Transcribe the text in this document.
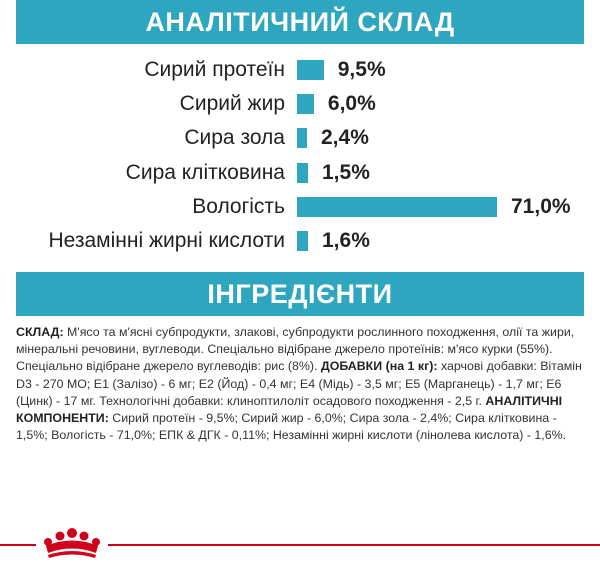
АНАЛІТИЧНИЙ СКЛАД
Сирий протеїн	9,5%
Сирий жир 6,0%
Сира зола 2,4%
Сира клітковина 1,5%
Вологість	71,0%
Незамінні жирні кислоти 1,6%
ІНГРЕДІЄНТИ
СКЛАД: М'ясо та м'ясні субпродукти, злакові, субпродукти рослинного походження, олії та жири, мінеральні речовини, вуглеводи. Спеціально відібране джерело протеїнів: м'ясо курки (55%). Спеціально відібране джерело вуглеводів: рис (8%). ДОБАВКИ (на 1 кг): харчові добавки: Вітамін D3 - 270 МО; E1 (Залізо) - 6 мг; E2 (Йод) - 0,4 мг; E4 (Мідь) - 3,5 мг; E5 (Марганець) - 1,7 мг; E6 (Цинк) - 17 мг. Технологічні добавки: клиноптилоліт осадового походження - 2,5 г. АНАЛІТИЧНІ КОМПОНЕНТИ: Сирий протеїн - 9,5%; Сирий жир - 6,0%; Сира зола - 2,4%; Сира клітковина - 1,5%; Вологість - 71,0%; ЕПК & ДГК - 0,11%; Незамінні жирні кислоти (лінолева кислота) - 1,6%.
